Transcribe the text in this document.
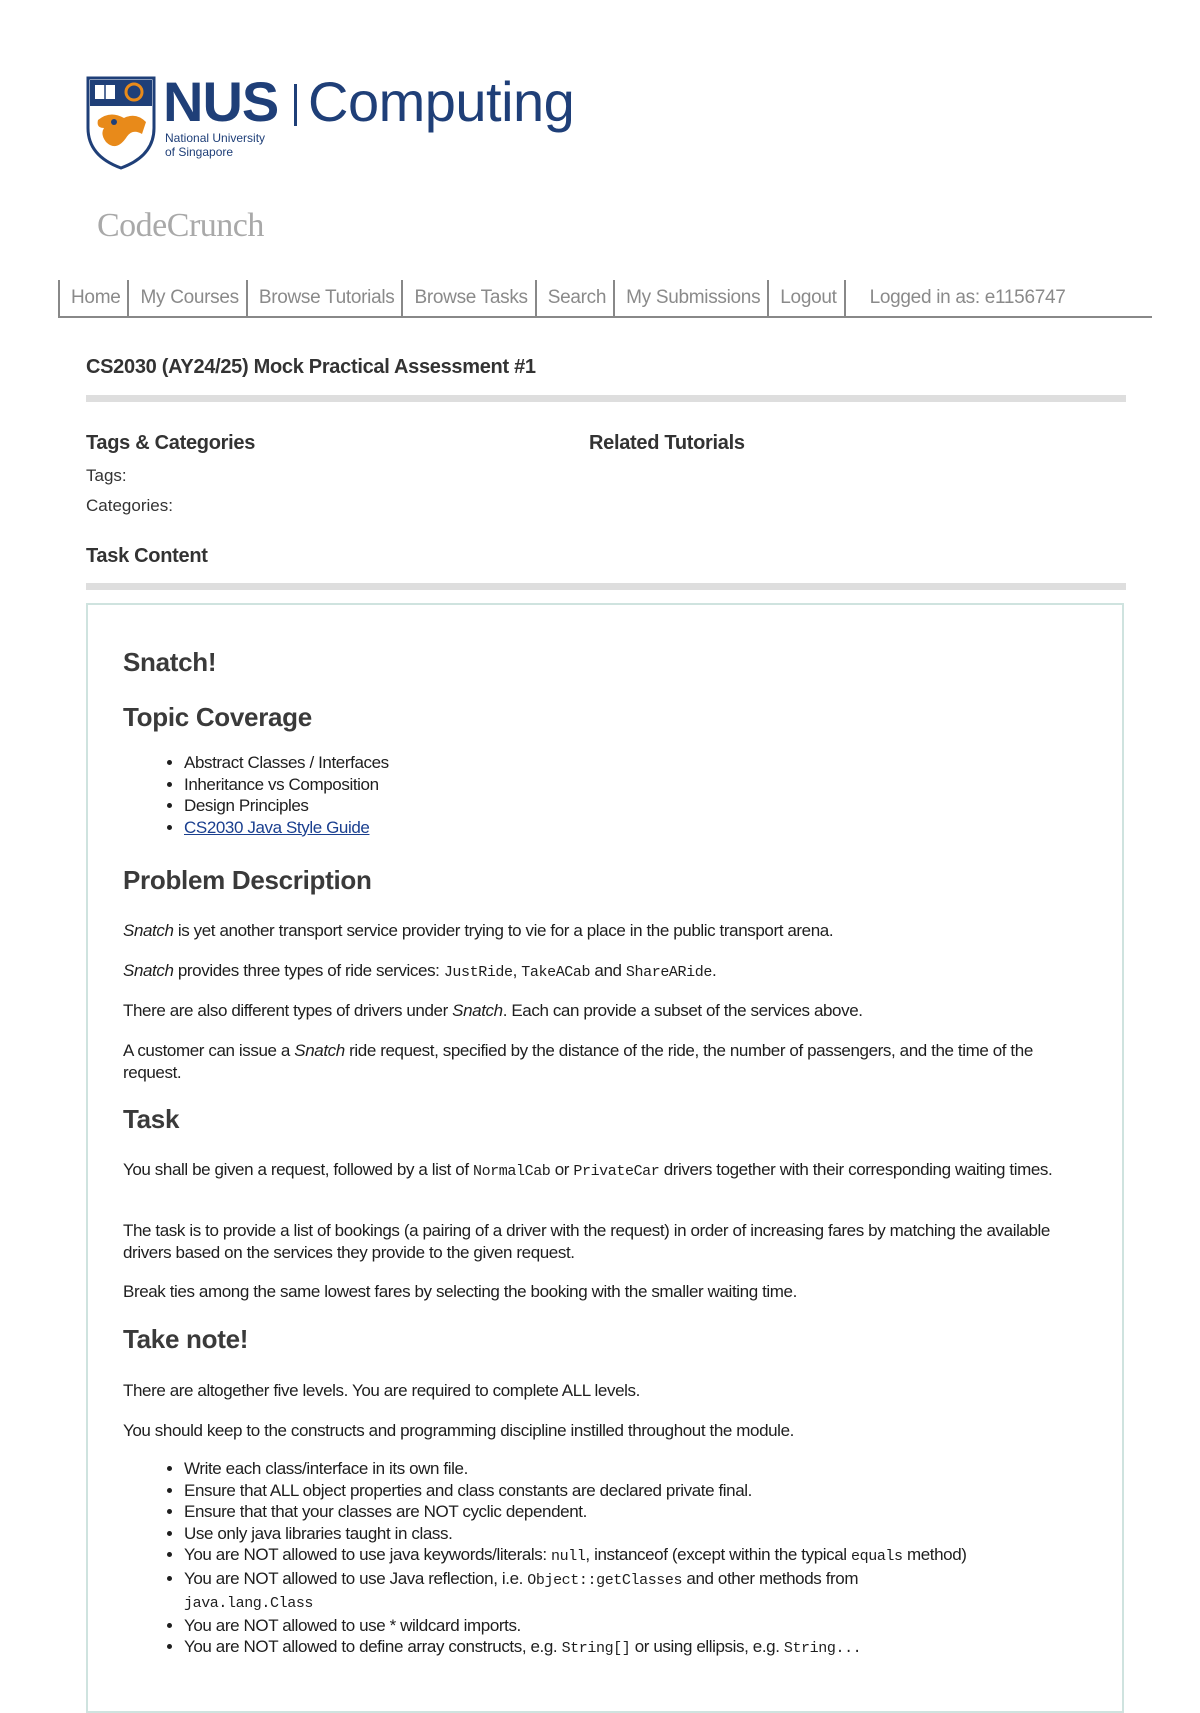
NUS
National University
of Singapore
Computing
CodeCrunch
Home	My Courses	Browse Tutorials	Browse Tasks	Search	My Submissions	Logout	Logged in as: e1156747
CS2030 (AY24/25) Mock Practical Assessment #1
Tags & Categories	Related Tutorials
Tags:
Categories:
Task Content
Snatch!
Topic Coverage
• Abstract Classes / Interfaces
• Inheritance vs Composition
• Design Principles
• CS2030 Java Style Guide
Problem Description
Snatch is yet another transport service provider trying to vie for a place in the public transport arena.
Snatch provides three types of ride services: JustRide, TakeACab and ShareARide.
There are also different types of drivers under Snatch. Each can provide a subset of the services above.
A customer can issue a Snatch ride request, specified by the distance of the ride, the number of passengers, and the time of the request.
Task
You shall be given a request, followed by a list of NormalCab or PrivateCar drivers together with their corresponding waiting times.
The task is to provide a list of bookings (a pairing of a driver with the request) in order of increasing fares by matching the available drivers based on the services they provide to the given request.
Break ties among the same lowest fares by selecting the booking with the smaller waiting time.
Take note!
There are altogether five levels. You are required to complete ALL levels.
You should keep to the constructs and programming discipline instilled throughout the module.
• Write each class/interface in its own file.
• Ensure that ALL object properties and class constants are declared private final.
• Ensure that that your classes are NOT cyclic dependent.
• Use only java libraries taught in class.
• You are NOT allowed to use java keywords/literals: null, instanceof (except within the typical equals method)
• You are NOT allowed to use Java reflection, i.e. Object::getClasses and other methods from
java.lang.Class
• You are NOT allowed to use * wildcard imports.
• You are NOT allowed to define array constructs, e.g. String[] or using ellipsis, e.g. String...
